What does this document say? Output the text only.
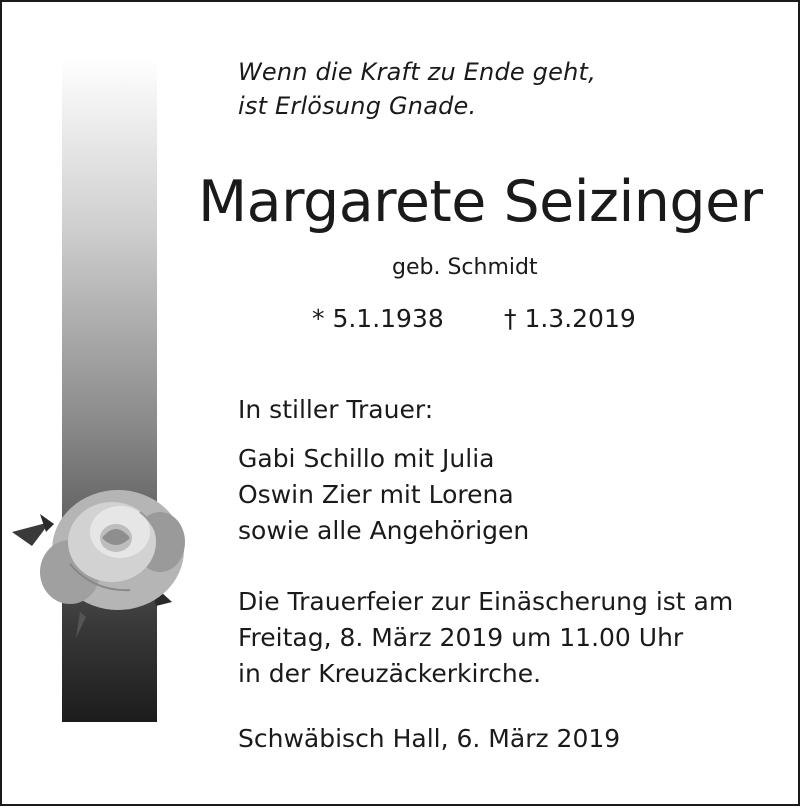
Wenn die Kraft zu Ende geht,
ist Erlösung Gnade.
Margarete Seizinger
geb. Schmidt
* 5.1.1938 † 1.3.2019
In stiller Trauer:
Gabi Schillo mit Julia
Oswin Zier mit Lorena
sowie alle Angehörigen
Die Trauerfeier zur Einäscherung ist am
Freitag, 8. März 2019 um 11.00 Uhr
in der Kreuzäckerkirche.
Schwäbisch Hall, 6. März 2019
